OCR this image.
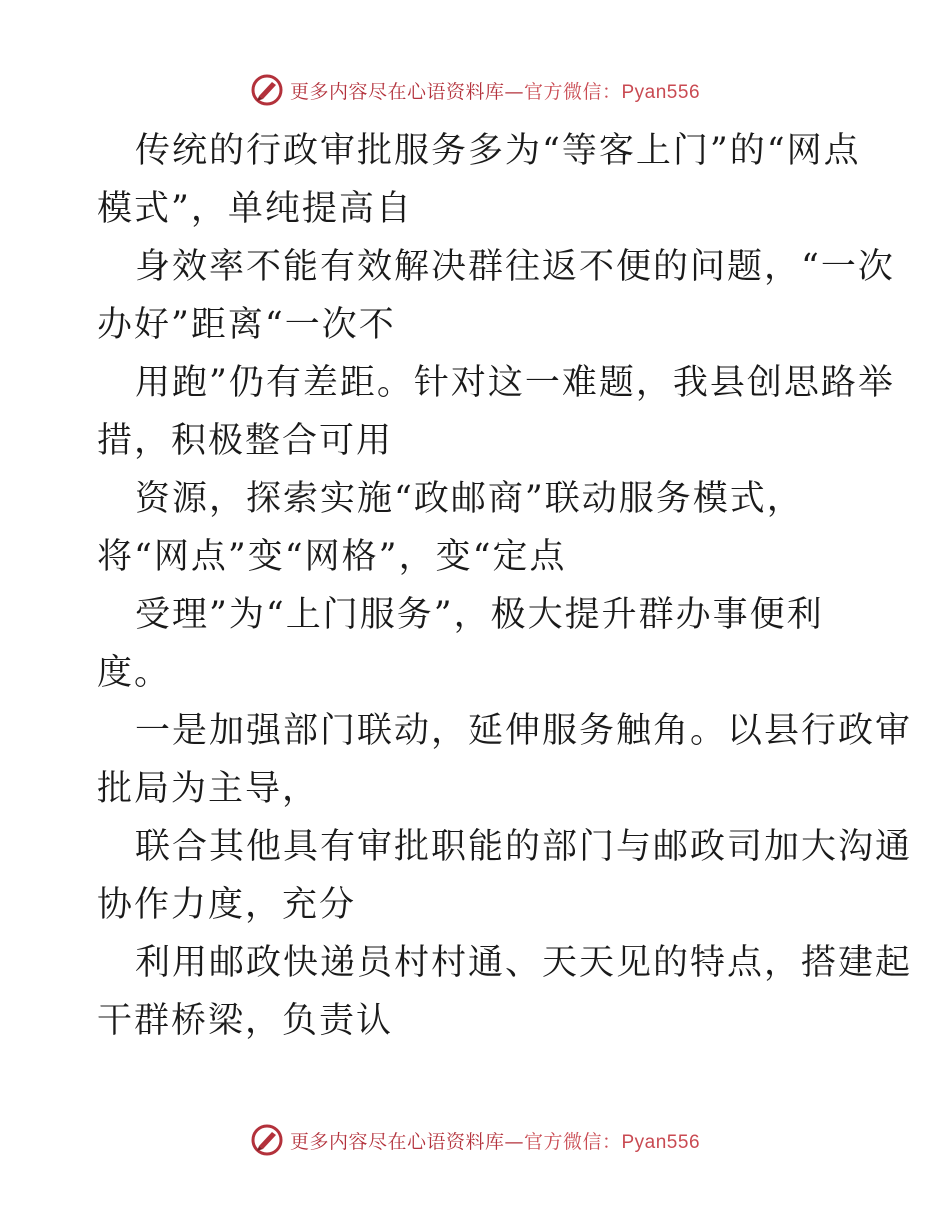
更多内容尽在心语资料库—官方微信：Pyan556
传统的行政审批服务多为“等客上门”的“网点
模式”，单纯提高自
身效率不能有效解决群往返不便的问题，“一次
办好”距离“一次不
用跑”仍有差距。针对这一难题，我县创思路举
措，积极整合可用
资源，探索实施“政邮商”联动服务模式，
将“网点”变“网格”，变“定点
受理”为“上门服务”，极大提升群办事便利
度。
一是加强部门联动，延伸服务触角。以县行政审
批局为主导，
联合其他具有审批职能的部门与邮政司加大沟通
协作力度，充分
利用邮政快递员村村通、天天见的特点，搭建起
干群桥梁，负责认
更多内容尽在心语资料库—官方微信：Pyan556
